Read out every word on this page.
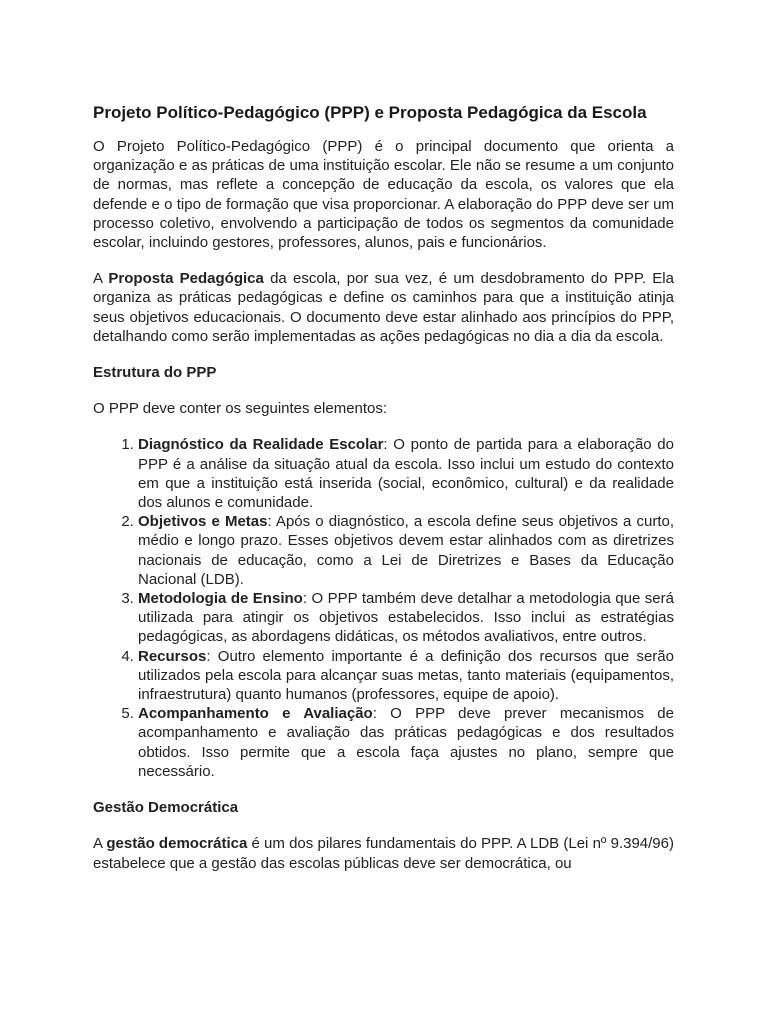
Projeto Político-Pedagógico (PPP) e Proposta Pedagógica da Escola

O Projeto Político-Pedagógico (PPP) é o principal documento que orienta a organização e as práticas de uma instituição escolar. Ele não se resume a um conjunto de normas, mas reflete a concepção de educação da escola, os valores que ela defende e o tipo de formação que visa proporcionar. A elaboração do PPP deve ser um processo coletivo, envolvendo a participação de todos os segmentos da comunidade escolar, incluindo gestores, professores, alunos, pais e funcionários.

A Proposta Pedagógica da escola, por sua vez, é um desdobramento do PPP. Ela organiza as práticas pedagógicas e define os caminhos para que a instituição atinja seus objetivos educacionais. O documento deve estar alinhado aos princípios do PPP, detalhando como serão implementadas as ações pedagógicas no dia a dia da escola.

Estrutura do PPP

O PPP deve conter os seguintes elementos:

1. Diagnóstico da Realidade Escolar: O ponto de partida para a elaboração do PPP é a análise da situação atual da escola. Isso inclui um estudo do contexto em que a instituição está inserida (social, econômico, cultural) e da realidade dos alunos e comunidade.
2. Objetivos e Metas: Após o diagnóstico, a escola define seus objetivos a curto, médio e longo prazo. Esses objetivos devem estar alinhados com as diretrizes nacionais de educação, como a Lei de Diretrizes e Bases da Educação Nacional (LDB).
3. Metodologia de Ensino: O PPP também deve detalhar a metodologia que será utilizada para atingir os objetivos estabelecidos. Isso inclui as estratégias pedagógicas, as abordagens didáticas, os métodos avaliativos, entre outros.
4. Recursos: Outro elemento importante é a definição dos recursos que serão utilizados pela escola para alcançar suas metas, tanto materiais (equipamentos, infraestrutura) quanto humanos (professores, equipe de apoio).
5. Acompanhamento e Avaliação: O PPP deve prever mecanismos de acompanhamento e avaliação das práticas pedagógicas e dos resultados obtidos. Isso permite que a escola faça ajustes no plano, sempre que necessário.
Gestão Democrática

A gestão democrática é um dos pilares fundamentais do PPP. A LDB (Lei nº 9.394/96) estabelece que a gestão das escolas públicas deve ser democrática, ou
